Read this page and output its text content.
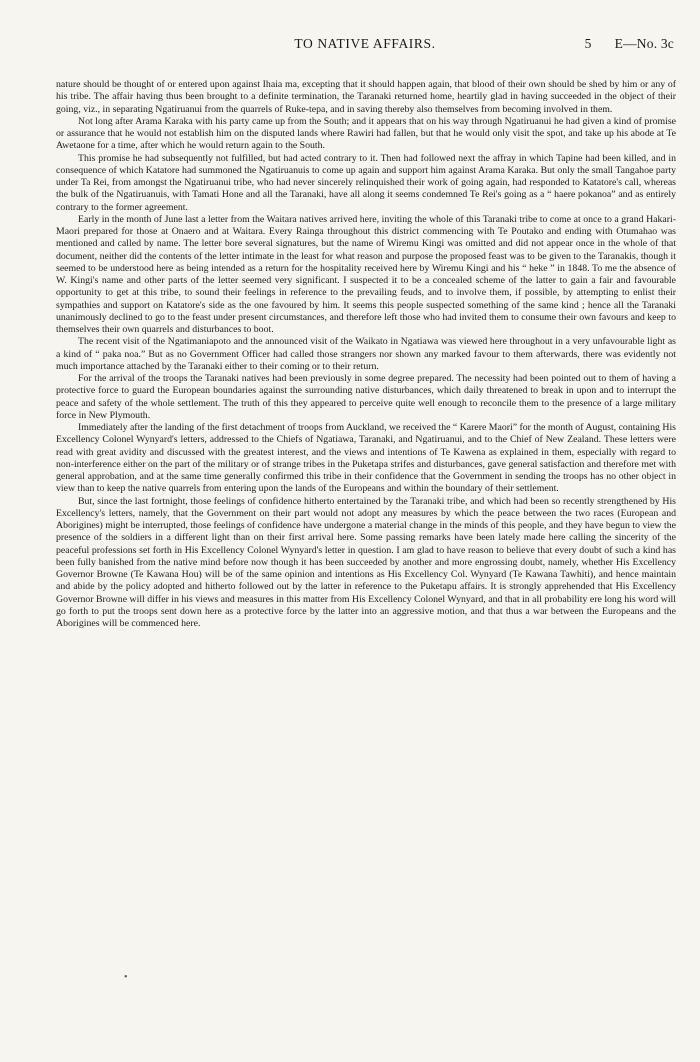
TO NATIVE AFFAIRS.	5 E—No. 3c

nature should be thought of or entered upon against Ihaia ma, excepting that it should happen again, that blood of their own should be shed by him or any of his tribe. The affair having thus been brought to a definite termination, the Taranaki returned home, heartily glad in having succeeded in the object of their going, viz., in separating Ngatiruanui from the quarrels of Ruke-tepa, and in saving thereby also themselves from becoming involved in them.

Not long after Arama Karaka with his party came up from the South; and it appears that on his way through Ngatiruanui he had given a kind of promise or assurance that he would not establish him on the disputed lands where Rawiri had fallen, but that he would only visit the spot, and take up his abode at Te Awetaone for a time, after which he would return again to the South.

This promise he had subsequently not fulfilled, but had acted contrary to it. Then had followed next the affray in which Tapine had been killed, and in consequence of which Katatore had summoned the Ngatiruanuis to come up again and support him against Arama Karaka. But only the small Tangahoe party under Ta Rei, from amongst the Ngatiruanui tribe, who had never sincerely relinquished their work of going again, had responded to Katatore's call, whereas the bulk of the Ngatiruanuis, with Tamati Hone and all the Taranaki, have all along it seems condemned Te Rei's going as a “ haere pokanoa” and as entirely contrary to the former agreement.

Early in the month of June last a letter from the Waitara natives arrived here, inviting the whole of this Taranaki tribe to come at once to a grand Hakari-Maori prepared for those at Onaero and at Waitara. Every Rainga throughout this district commencing with Te Poutako and ending with Otumahao was mentioned and called by name. The letter bore several signatures, but the name of Wiremu Kingi was omitted and did not appear once in the whole of that document, neither did the contents of the letter intimate in the least for what reason and purpose the proposed feast was to be given to the Taranakis, though it seemed to be understood here as being intended as a return for the hospitality received here by Wiremu Kingi and his “ heke ” in 1848. To me the absence of W. Kingi's name and other parts of the letter seemed very significant. I suspected it to be a concealed scheme of the latter to gain a fair and favourable opportunity to get at this tribe, to sound their feelings in reference to the prevailing feuds, and to involve them, if possible, by attempting to enlist their sympathies and support on Katatore's side as the one favoured by him. It seems this people suspected something of the same kind ; hence all the Taranaki unanimously declined to go to the feast under present circumstances, and therefore left those who had invited them to consume their own favours and keep to themselves their own quarrels and disturbances to boot.

The recent visit of the Ngatimaniapoto and the announced visit of the Waikato in Ngatiawa was viewed here throughout in a very unfavourable light as a kind of “ paka noa.” But as no Government Officer had called those strangers nor shown any marked favour to them afterwards, there was evidently not much importance attached by the Taranaki either to their coming or to their return.

For the arrival of the troops the Taranaki natives had been previously in some degree prepared. The necessity had been pointed out to them of having a protective force to guard the European boundaries against the surrounding native disturbances, which daily threatened to break in upon and to interrupt the peace and safety of the whole settlement. The truth of this they appeared to perceive quite well enough to reconcile them to the presence of a large military force in New Plymouth.

Immediately after the landing of the first detachment of troops from Auckland, we received the “ Karere Maori” for the month of August, containing His Excellency Colonel Wynyard's letters, addressed to the Chiefs of Ngatiawa, Taranaki, and Ngatiruanui, and to the Chief of New Zealand. These letters were read with great avidity and discussed with the greatest interest, and the views and intentions of Te Kawena as explained in them, especially with regard to non-interference either on the part of the military or of strange tribes in the Puketapa strifes and disturbances, gave general satisfaction and therefore met with general approbation, and at the same time generally confirmed this tribe in their confidence that the Government in sending the troops has no other object in view than to keep the native quarrels from entering upon the lands of the Europeans and within the boundary of their settlement.

But, since the last fortnight, those feelings of confidence hitherto entertained by the Taranaki tribe, and which had been so recently strengthened by His Excellency's letters, namely, that the Government on their part would not adopt any measures by which the peace between the two races (European and Aborigines) might be interrupted, those feelings of confidence have undergone a material change in the minds of this people, and they have begun to view the presence of the soldiers in a different light than on their first arrival here. Some passing remarks have been lately made here calling the sincerity of the peaceful professions set forth in His Excellency Colonel Wynyard's letter in question. I am glad to have reason to believe that every doubt of such a kind has been fully banished from the native mind before now though it has been succeeded by another and more engrossing doubt, namely, whether His Excellency Governor Browne (Te Kawana Hou) will be of the same opinion and intentions as His Excellency Col. Wynyard (Te Kawana Tawhiti), and hence maintain and abide by the policy adopted and hitherto followed out by the latter in reference to the Puketapu affairs. It is strongly apprehended that His Excellency Governor Browne will differ in his views and measures in this matter from His Excellency Colonel Wynyard, and that in all probability ere long his word will go forth to put the troops sent down here as a protective force by the latter into an aggressive motion, and that thus a war between the Europeans and the Aborigines will be commenced here.

•
